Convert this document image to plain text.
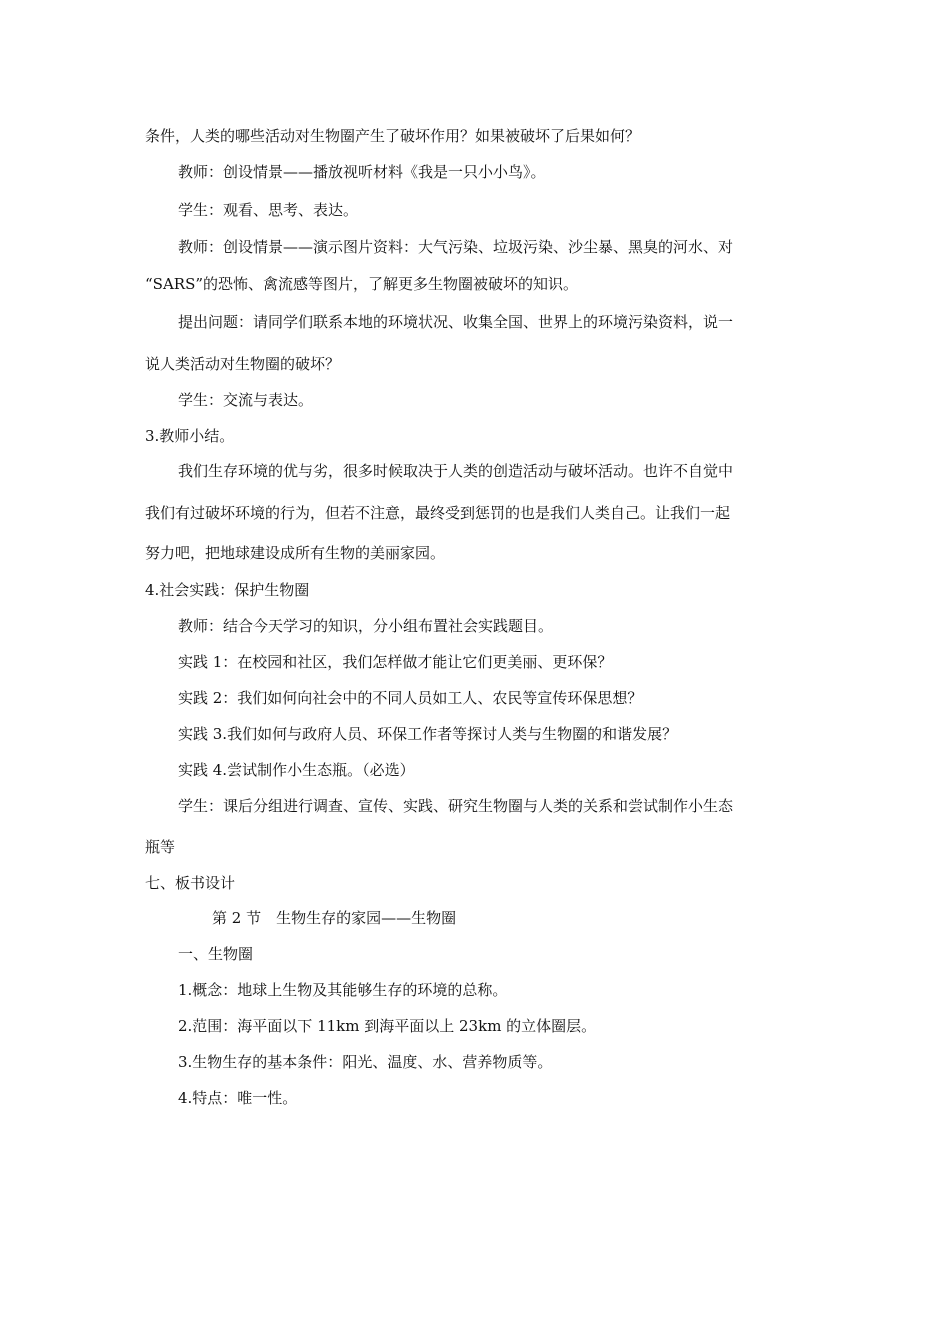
条件，人类的哪些活动对生物圈产生了破坏作用？如果被破坏了后果如何？
教师：创设情景——播放视听材料《我是一只小小鸟》。
学生：观看、思考、表达。
教师：创设情景——演示图片资料：大气污染、垃圾污染、沙尘暴、黑臭的河水、对
“SARS”的恐怖、禽流感等图片，了解更多生物圈被破坏的知识。
提出问题：请同学们联系本地的环境状况、收集全国、世界上的环境污染资料，说一
说人类活动对生物圈的破坏？
学生：交流与表达。
3.教师小结。
我们生存环境的优与劣，很多时候取决于人类的创造活动与破坏活动。也许不自觉中
我们有过破坏环境的行为，但若不注意，最终受到惩罚的也是我们人类自己。让我们一起
努力吧，把地球建设成所有生物的美丽家园。
4.社会实践：保护生物圈
教师：结合今天学习的知识，分小组布置社会实践题目。
实践 1：在校园和社区，我们怎样做才能让它们更美丽、更环保？
实践 2：我们如何向社会中的不同人员如工人、农民等宣传环保思想？
实践 3.我们如何与政府人员、环保工作者等探讨人类与生物圈的和谐发展？
实践 4.尝试制作小生态瓶。（必选）
学生：课后分组进行调查、宣传、实践、研究生物圈与人类的关系和尝试制作小生态
瓶等
七、板书设计
第 2 节　生物生存的家园——生物圈
一、生物圈
1.概念：地球上生物及其能够生存的环境的总称。
2.范围：海平面以下 11km 到海平面以上 23km 的立体圈层。
3.生物生存的基本条件：阳光、温度、水、营养物质等。
4.特点：唯一性。
